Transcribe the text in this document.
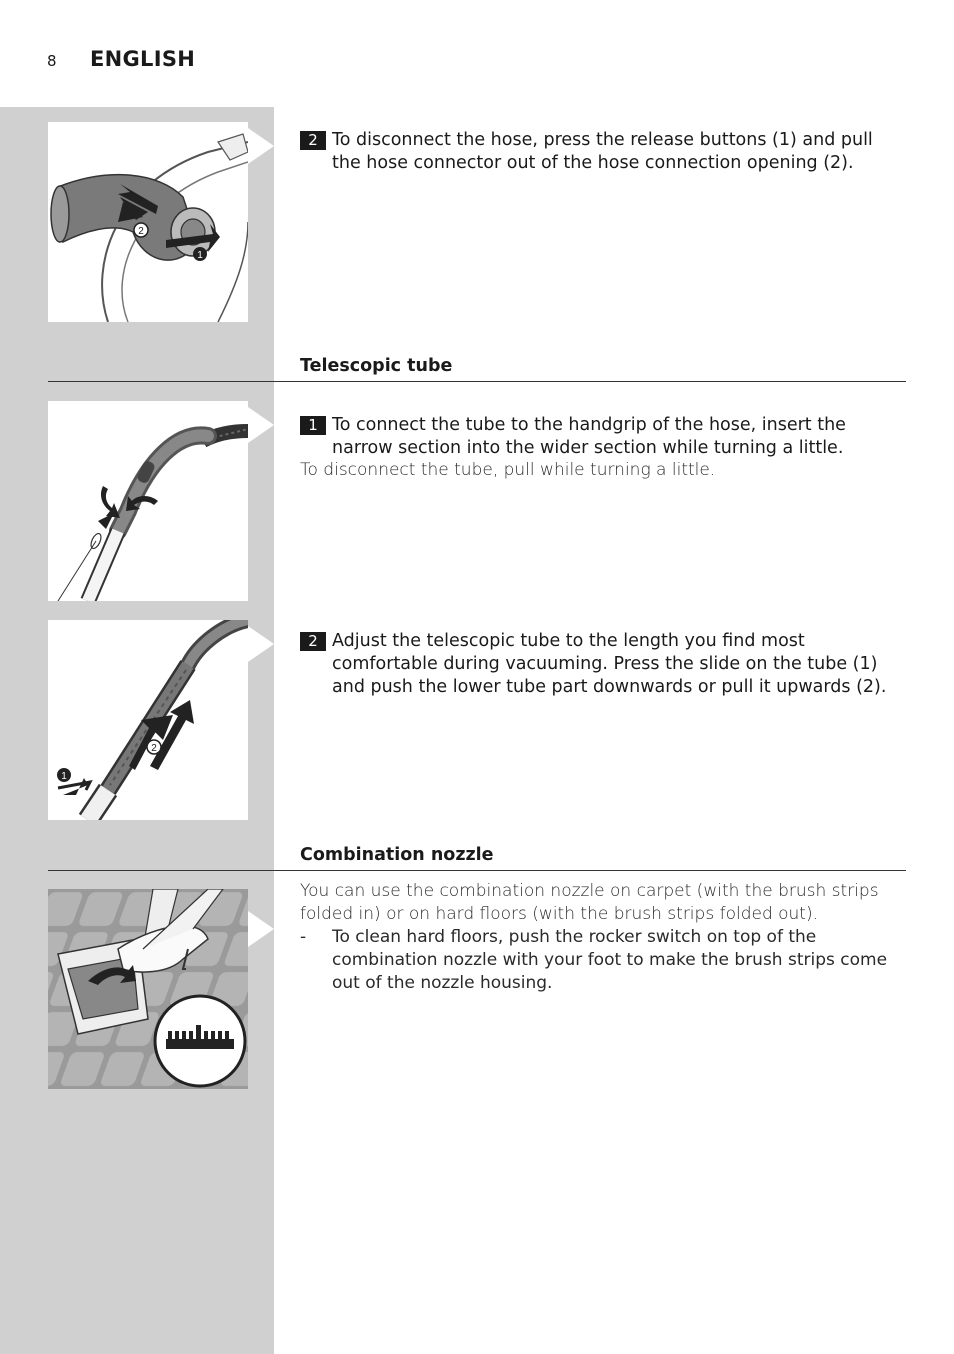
8 ENGLISH
2
1
2 To disconnect the hose, press the release buttons (1) and pull the hose connector out of the hose connection opening (2).
Telescopic tube
1 To connect the tube to the handgrip of the hose, insert the narrow section into the wider section while turning a little.
To disconnect the tube, pull while turning a little.
2
1
2 Adjust the telescopic tube to the length you find most comfortable during vacuuming. Press the slide on the tube (1) and push the lower tube part downwards or pull it upwards (2).
Combination nozzle
You can use the combination nozzle on carpet (with the brush strips folded in) or on hard floors (with the brush strips folded out).
- To clean hard floors, push the rocker switch on top of the combination nozzle with your foot to make the brush strips come out of the nozzle housing.
